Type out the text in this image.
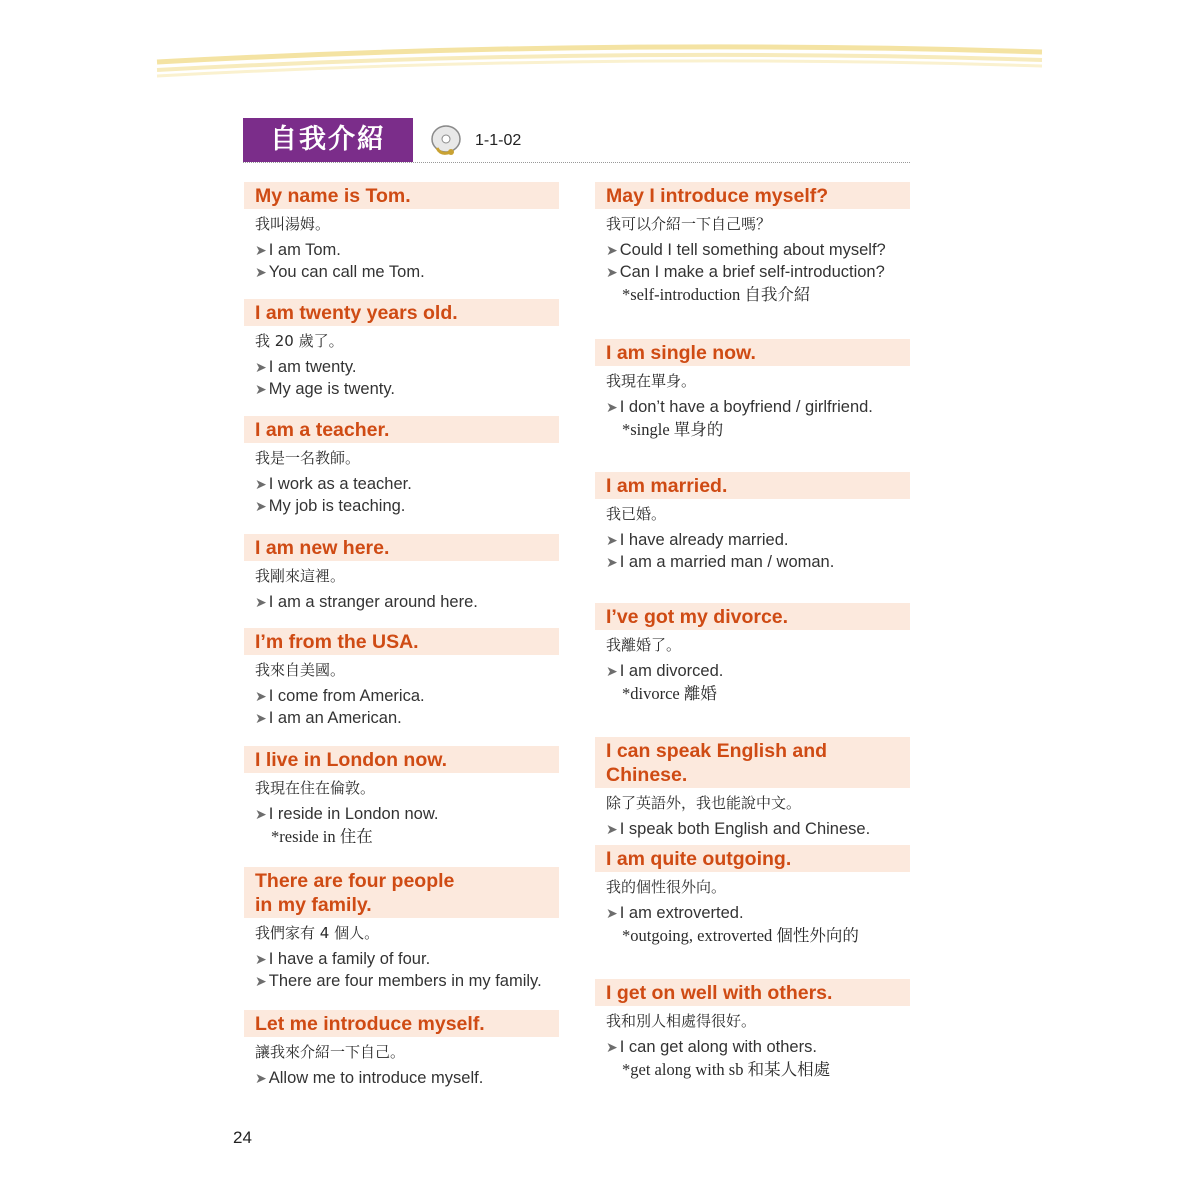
自我介紹	1-1-02
My name is Tom.
我叫湯姆。
➤ I am Tom.
➤ You can call me Tom.
I am twenty years old.
我 20 歲了。
➤ I am twenty.
➤ My age is twenty.
I am a teacher.
我是一名教師。
➤ I work as a teacher.
➤ My job is teaching.
I am new here.
我剛來這裡。
➤ I am a stranger around here.
I’m from the USA.
我來自美國。
➤ I come from America.
➤ I am an American.
I live in London now.
我現在住在倫敦。
➤ I reside in London now.
*reside in 住在
There are four people
in my family.
我們家有 4 個人。
➤ I have a family of four.
➤ There are four members in my family.
Let me introduce myself.
讓我來介紹一下自己。
➤ Allow me to introduce myself.
May I introduce myself?
我可以介紹一下自己嗎？
➤ Could I tell something about myself?
➤ Can I make a brief self-introduction?
*self-introduction 自我介紹
I am single now.
我現在單身。
➤ I don’t have a boyfriend / girlfriend.
*single 單身的
I am married.
我已婚。
➤ I have already married.
➤ I am a married man / woman.
I’ve got my divorce.
我離婚了。
➤ I am divorced.
*divorce 離婚
I can speak English and Chinese.
除了英語外，我也能說中文。
➤ I speak both English and Chinese.
I am quite outgoing.
我的個性很外向。
➤ I am extroverted.
*outgoing, extroverted 個性外向的
I get on well with others.
我和別人相處得很好。
➤ I can get along with others.
*get along with sb 和某人相處
24
